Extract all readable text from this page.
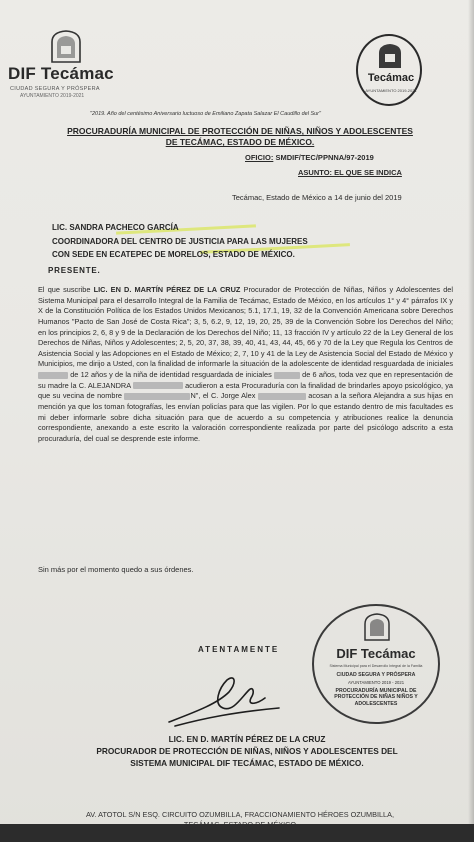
DIF Tecámac
CIUDAD SEGURA Y PRÓSPERA
AYUNTAMIENTO 2019-2021
Tecámac
AYUNTAMIENTO 2019-2021
"2019. Año del centésimo Aniversario luctuoso de Emiliano Zapata Salazar El Caudillo del Sur"
PROCURADURÍA MUNICIPAL DE PROTECCIÓN DE NIÑAS, NIÑOS Y ADOLESCENTES DE TECÁMAC, ESTADO DE MÉXICO.
OFICIO: SMDIF/TEC/PPNNA/97-2019
ASUNTO: EL QUE SE INDICA
Tecámac, Estado de México a 14 de junio del 2019
LIC. SANDRA PACHECO GARCÍA
COORDINADORA DEL CENTRO DE JUSTICIA PARA LAS MUJERES
CON SEDE EN ECATEPEC DE MORELOS, ESTADO DE MÉXICO.
PRESENTE.
El que suscribe LIC. EN D. MARTÍN PÉREZ DE LA CRUZ Procurador de Protección de Niñas, Niños y Adolescentes del Sistema Municipal para el desarrollo Integral de la Familia de Tecámac, Estado de México, en los artículos 1° y 4° párrafos IX y X de la Constitución Política de los Estados Unidos Mexicanos; 5.1, 17.1, 19, 32 de la Convención Americana sobre Derechos Humanos "Pacto de San José de Costa Rica"; 3, 5, 6.2, 9, 12, 19, 20, 25, 39 de la Convención Sobre los Derechos del Niño; en los principios 2, 6, 8 y 9 de la Declaración de los Derechos del Niño; 11, 13 fracción IV y artículo 22 de la Ley General de los Derechos de Niñas, Niños y Adolescentes; 2, 5, 20, 37, 38, 39, 40, 41, 43, 44, 45, 66 y 70 de la Ley que Regula los Centros de Asistencia Social y las Adopciones en el Estado de México; 2, 7, 10 y 41 de la Ley de Asistencia Social del Estado de México y Municipios, me dirijo a Usted, con la finalidad de informarle la situación de la adolescente de identidad resguardada de iniciales  de 12 años y de la niña de identidad resguardada de iniciales	de 6 años, toda vez que en representación de su madre la C. ALEJANDRA	acudieron a esta Procuraduría con la finalidad de brindarles apoyo psicológico, ya que su vecina de nombre	N", el C. Jorge Alex	acosan a la señora Alejandra a sus hijas en mención ya que los toman fotografías, les envían policías para que las vigilen. Por lo que estando dentro de mis facultades es mi deber informarle sobre dicha situación para que de acuerdo a su competencia y atribuciones realice la denuncia correspondiente, anexando a este escrito la valoración correspondiente realizada por parte del psicólogo adscrito a esta procuraduría, del cual se desprende este informe.
Sin más por el momento quedo a sus órdenes.
ATENTAMENTE	DIF Tecámac
Sistema Municipal para el Desarrollo Integral de la Familia
CIUDAD SEGURA Y PRÓSPERA
AYUNTAMIENTO 2019 - 2021
PROCURADURÍA MUNICIPAL DE PROTECCIÓN DE NIÑAS NIÑOS Y ADOLESCENTES
LIC. EN D. MARTÍN PÉREZ DE LA CRUZ
PROCURADOR DE PROTECCIÓN DE NIÑAS, NIÑOS Y ADOLESCENTES DEL
SISTEMA MUNICIPAL DIF TECÁMAC, ESTADO DE MÉXICO.
AV. ATOTOL S/N ESQ. CIRCUITO OZUMBILLA, FRACCIONAMIENTO HÉROES OZUMBILLA,
